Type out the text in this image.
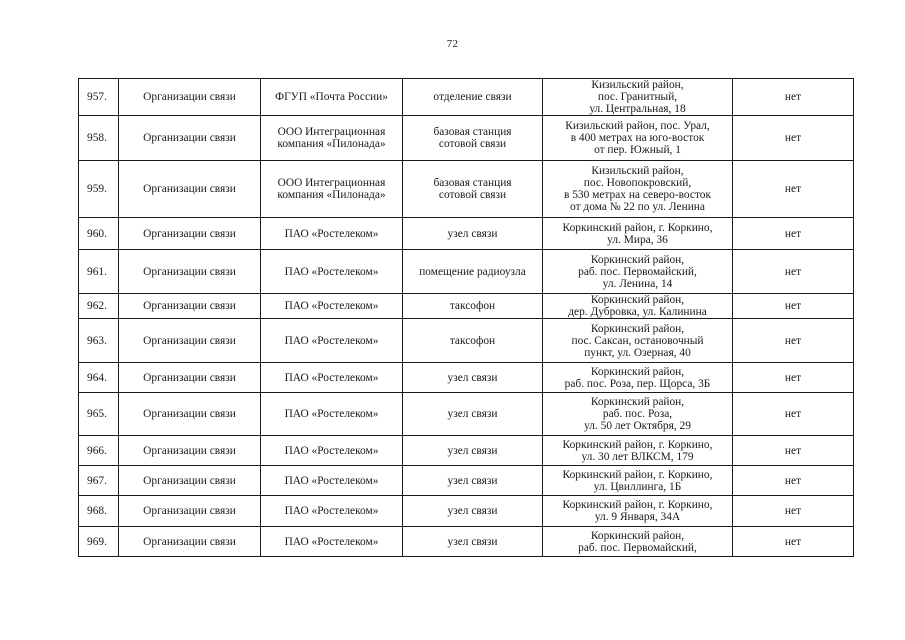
72
957.	Организации связи	ФГУП «Почта России»	отделение связи	Кизильский район,
пос. Гранитный,
ул. Центральная, 18	нет
958.	Организации связи	ООО Интеграционная
компания «Пилонада»	базовая станция
сотовой связи	Кизильский район, пос. Урал,
в 400 метрах на юго-восток
от пер. Южный, 1	нет
959.	Организации связи	ООО Интеграционная
компания «Пилонада»	базовая станция
сотовой связи	Кизильский район,
пос. Новопокровский,
в 530 метрах на северо-восток
от дома № 22 по ул. Ленина	нет
960.	Организации связи	ПАО «Ростелеком»	узел связи	Коркинский район, г. Коркино,
ул. Мира, 36	нет
961.	Организации связи	ПАО «Ростелеком»	помещение радиоузла	Коркинский район,
раб. пос. Первомайский,
ул. Ленина, 14	нет
962.	Организации связи	ПАО «Ростелеком»	таксофон	Коркинский район,
дер. Дубровка, ул. Калинина	нет
963.	Организации связи	ПАО «Ростелеком»	таксофон	Коркинский район,
пос. Саксан, остановочный
пункт, ул. Озерная, 40	нет
964.	Организации связи	ПАО «Ростелеком»	узел связи	Коркинский район,
раб. пос. Роза, пер. Щорса, 3Б	нет
965.	Организации связи	ПАО «Ростелеком»	узел связи	Коркинский район,
раб. пос. Роза,
ул. 50 лет Октября, 29	нет
966.	Организации связи	ПАО «Ростелеком»	узел связи	Коркинский район, г. Коркино,
ул. 30 лет ВЛКСМ, 179	нет
967.	Организации связи	ПАО «Ростелеком»	узел связи	Коркинский район, г. Коркино,
ул. Цвиллинга, 1Б	нет
968.	Организации связи	ПАО «Ростелеком»	узел связи	Коркинский район, г. Коркино,
ул. 9 Января, 34А	нет
969.	Организации связи	ПАО «Ростелеком»	узел связи	Коркинский район,
раб. пос. Первомайский,	нет
